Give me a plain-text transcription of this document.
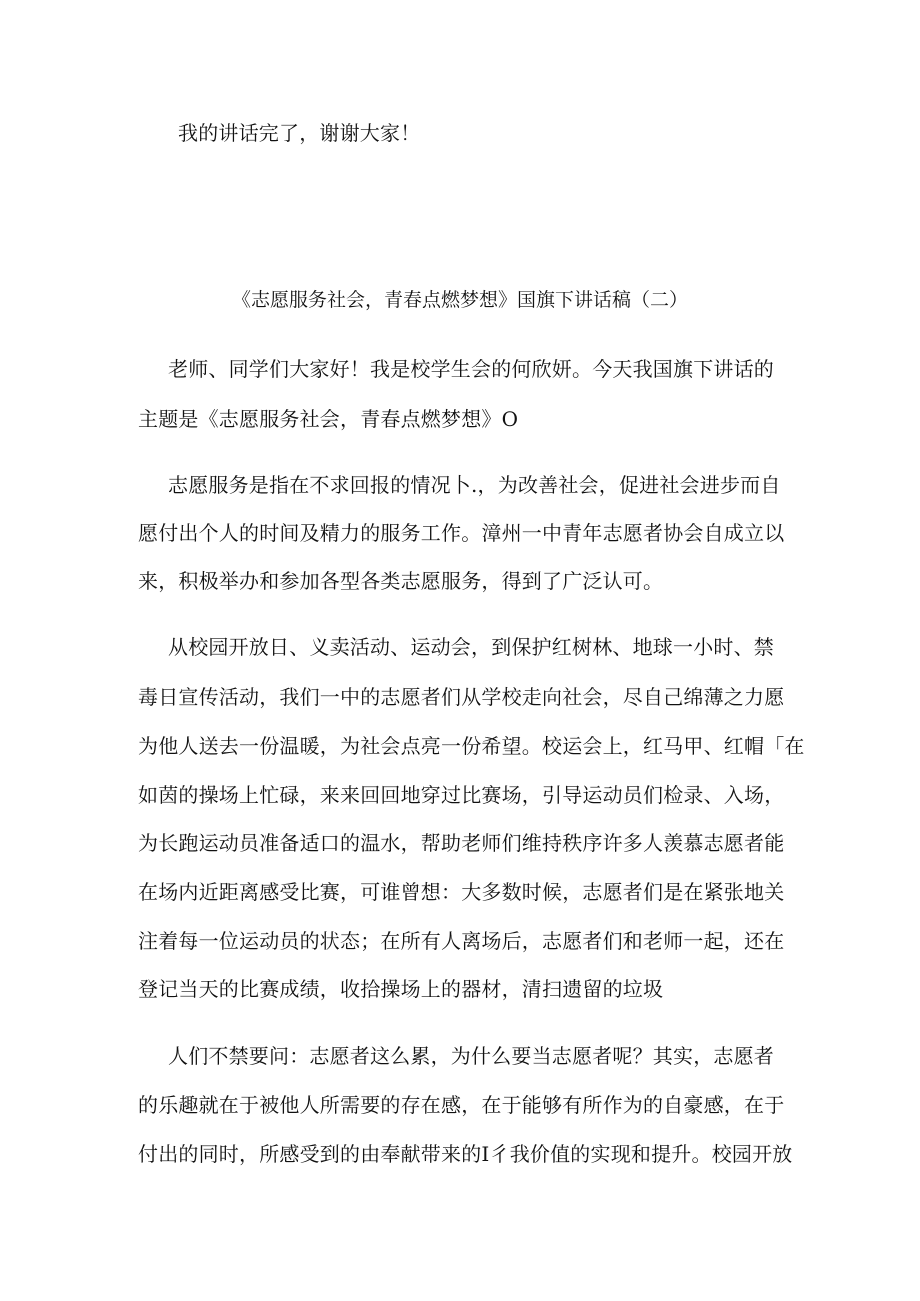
我的讲话完了，谢谢大家！
《志愿服务社会，青春点燃梦想》国旗下讲话稿（二）
老师、同学们大家好！我是校学生会的何欣妍。今天我国旗下讲话的
主题是《志愿服务社会，青春点燃梦想》O
志愿服务是指在不求回报的情况卜.，为改善社会，促进社会进步而自
愿付出个人的时间及精力的服务工作。漳州一中青年志愿者协会自成立以
来，积极举办和参加各型各类志愿服务，得到了广泛认可。
从校园开放日、义卖活动、运动会，到保护红树林、地球一小时、禁
毒日宣传活动，我们一中的志愿者们从学校走向社会，尽自己绵薄之力愿
为他人送去一份温暖，为社会点亮一份希望。校运会上，红马甲、红帽「在
如茵的操场上忙碌，来来回回地穿过比赛场，引导运动员们检录、入场，
为长跑运动员准备适口的温水，帮助老师们维持秩序许多人羡慕志愿者能
在场内近距离感受比赛，可谁曾想：大多数时候，志愿者们是在紧张地关
注着每一位运动员的状态；在所有人离场后，志愿者们和老师一起，还在
登记当天的比赛成绩，收拾操场上的器材，清扫遗留的垃圾
人们不禁要问：志愿者这么累，为什么要当志愿者呢？其实，志愿者
的乐趣就在于被他人所需要的存在感，在于能够有所作为的自豪感，在于
付出的同时，所感受到的由奉献带来的I彳我价值的实现和提升。校园开放
